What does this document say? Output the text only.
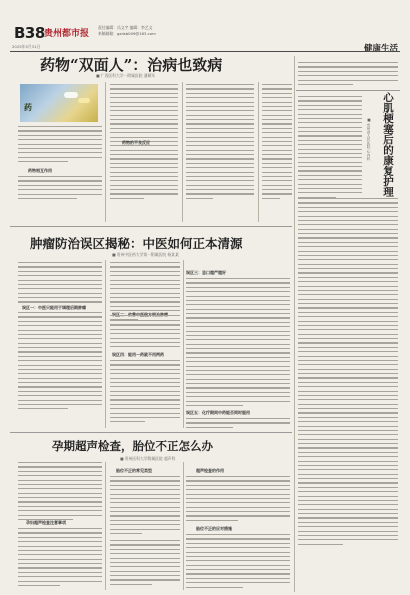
B38 贵州都市报
责任编辑：冯文宇 编辑：李艺文
来稿邮箱：gzdsb009@163.com
2025年5月31日	健康生活
药物“双面人”：治病也致病
■ 广西医科大学一附属医院 潘颖军
药
药物相互作用
药物的不良反应	心肌梗塞后的康复护理
■ 贵州省人民医院 心内科
肿瘤防治误区揭秘：中医如何正本清源
■ 贵州中医药大学第一附属医院 杨某某
误区一：中医只能用于调理后期肿瘤
误区三：忌口越严越好
误区四：能用一药就不用两药
误区五：化疗期间中药能否同时服用
孕期超声检查，胎位不正怎么办
■ 贵州医科大学附属医院 超声科
孕妇超声检查注意事项
胎位不正的常见类型	超声检查的作用
胎位不正的应对措施
